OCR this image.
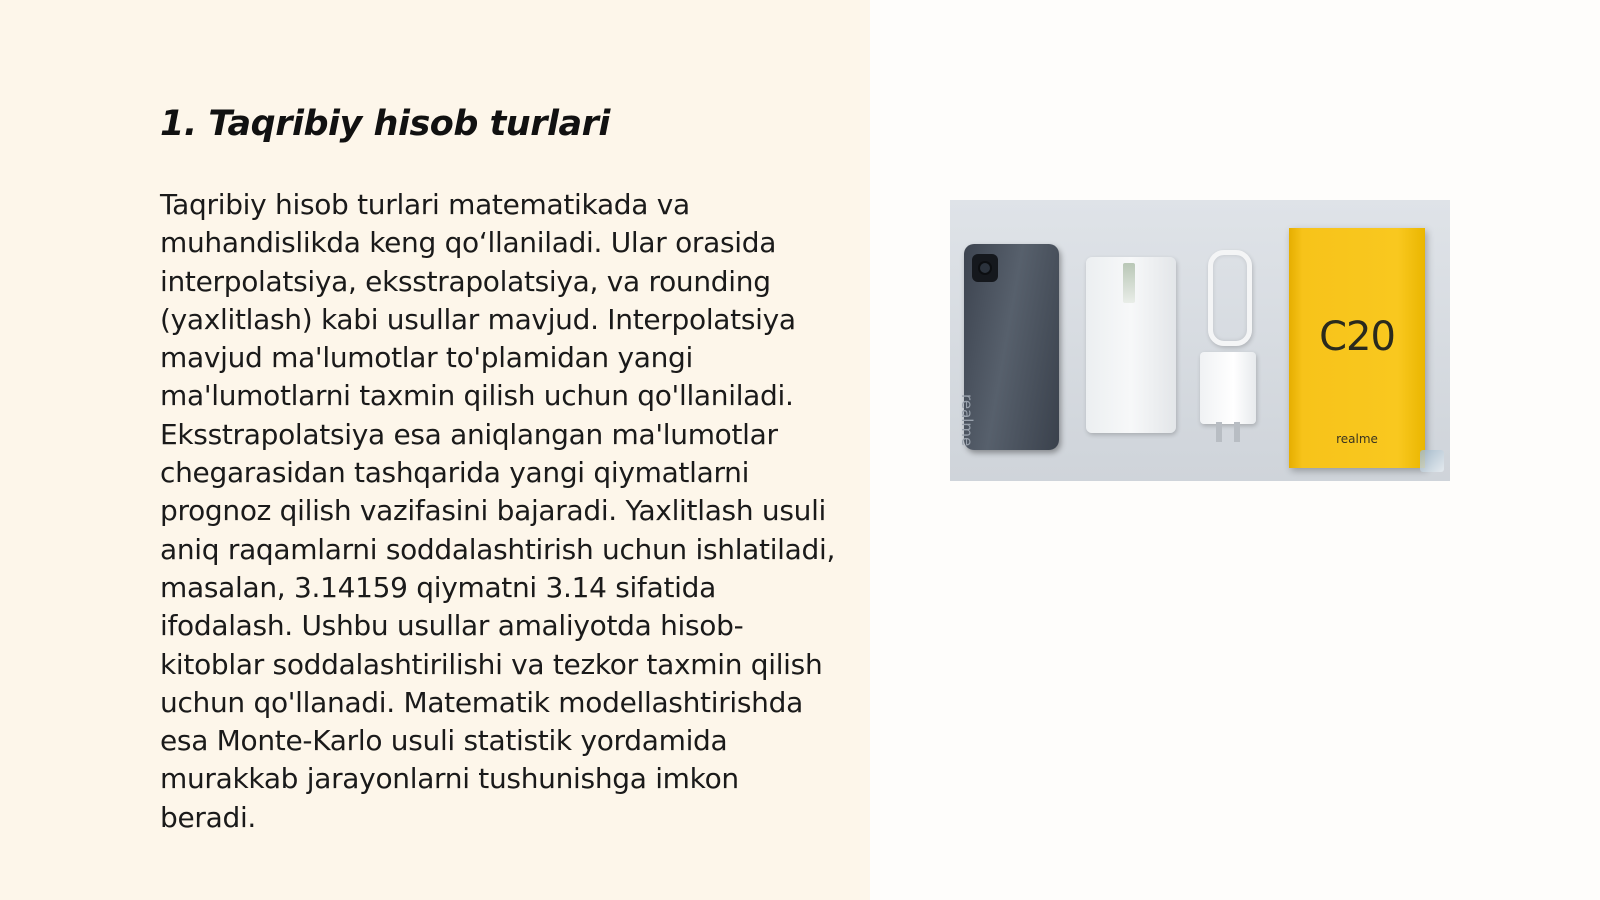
1. Taqribiy hisob turlari

Taqribiy hisob turlari matematikada va muhandislikda keng qo‘llaniladi. Ular orasida interpolatsiya, eksstrapolatsiya, va rounding (yaxlitlash) kabi usullar mavjud. Interpolatsiya mavjud ma'lumotlar to'plamidan yangi ma'lumotlarni taxmin qilish uchun qo'llaniladi. Eksstrapolatsiya esa aniqlangan ma'lumotlar chegarasidan tashqarida yangi qiymatlarni prognoz qilish vazifasini bajaradi. Yaxlitlash usuli aniq raqamlarni soddalashtirish uchun ishlatiladi, masalan, 3.14159 qiymatni 3.14 sifatida ifodalash. Ushbu usullar amaliyotda hisob-kitoblar soddalashtirilishi va tezkor taxmin qilish uchun qo'llanadi. Matematik modellashtirishda esa Monte-Karlo usuli statistik yordamida murakkab jarayonlarni tushunishga imkon beradi.

realme
C20
realme
